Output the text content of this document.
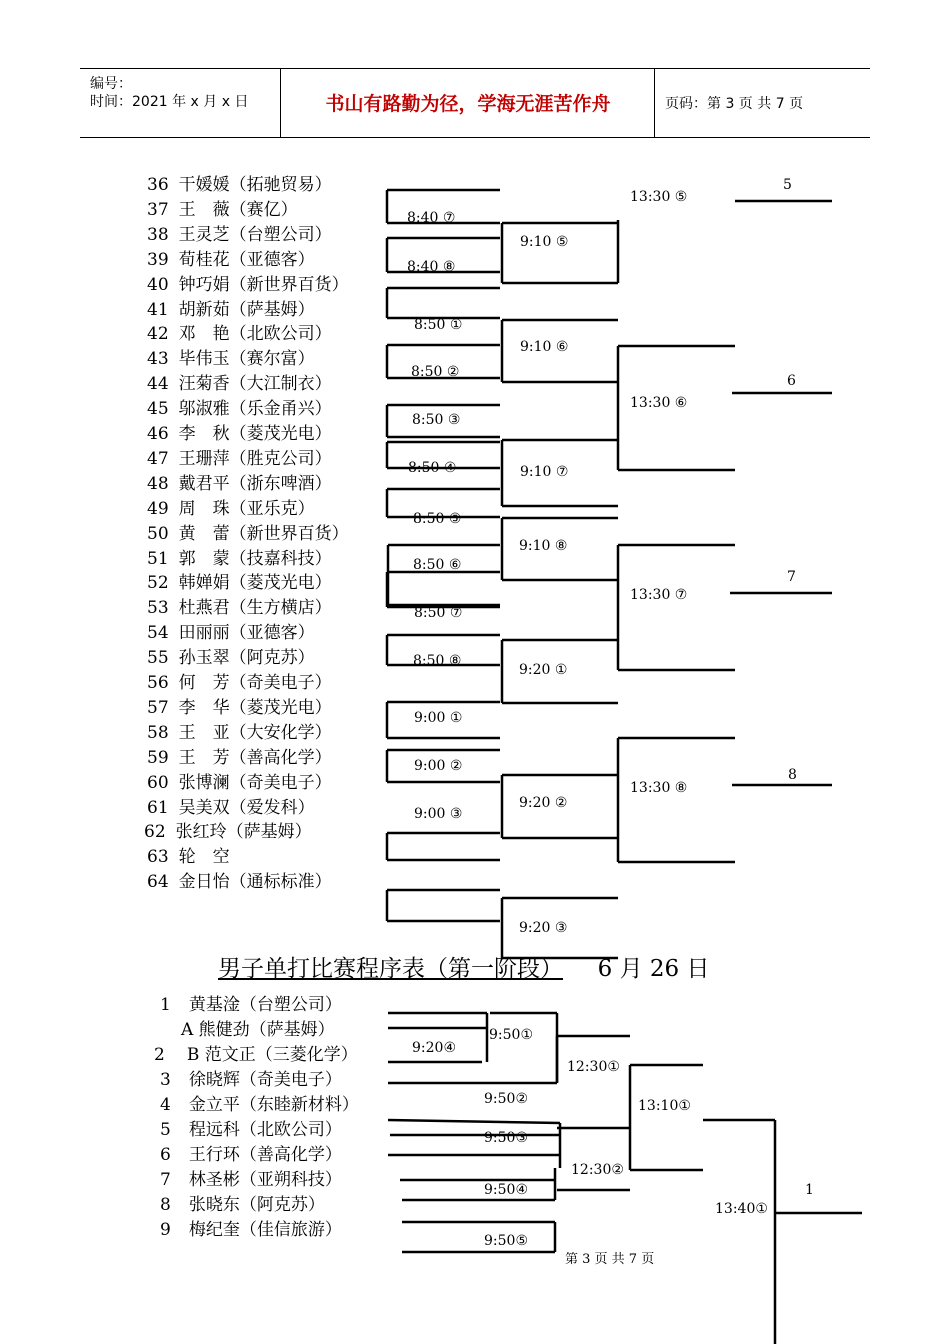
编号：
时间：2021 年 x 月 x 日	书山有路勤为径，学海无涯苦作舟	页码：第 3 页 共 7 页
36 干媛媛（拓驰贸易）
37 王　薇（赛亿）
38 王灵芝（台塑公司）
39 荀桂花（亚德客）
40 钟巧娟（新世界百货）
41 胡新茹（萨基姆）
42 邓　艳（北欧公司）
43 毕伟玉（赛尔富）
44 汪菊香（大江制衣）
45 邬淑雅（乐金甬兴）
46 李　秋（菱茂光电）
47 王珊萍（胜克公司）
48 戴君平（浙东啤酒）
49 周　珠（亚乐克）
50 黄　蕾（新世界百货）
51 郭　蒙（技嘉科技）
52 韩婵娟（菱茂光电）
53 杜燕君（生方横店）
54 田丽丽（亚德客）
55 孙玉翠（阿克苏）
56 何　芳（奇美电子）
57 李　华（菱茂光电）
58 王　亚（大安化学）
59 王　芳（善高化学）
60 张博澜（奇美电子）
61 吴美双（爱发科）
62 张红玲（萨基姆）
63 轮　空
64 金日怡（通标标准）
8:40 ⑦
8:40 ⑧
8:50 ①
8:50 ②
8:50 ③
8:50 ④
8:50 ⑤
8:50 ⑥
8:50 ⑦
8:50 ⑧
9:00 ①
9:00 ②
9:00 ③
9:10 ⑤
9:10 ⑥
9:10 ⑦
9:10 ⑧
9:20 ①
9:20 ②
9:20 ③
13:30 ⑤
13:30 ⑥
13:30 ⑦
13:30 ⑧
5
6
7
8
男子单打比赛程序表（第一阶段） 6 月 26 日
1 黄基淦（台塑公司）
A 熊健劲（萨基姆）
2 B 范文正（三菱化学）
3 徐晓辉（奇美电子）
4 金立平（东睦新材料）
5 程远科（北欧公司）
6 王行环（善高化学）
7 林圣彬（亚朔科技）
8 张晓东（阿克苏）
9 梅纪奎（佳信旅游）
9:20④
9:50①
9:50②
9:50③
9:50④
9:50⑤
12:30①
12:30②
13:10①
13:40①
1
第 3 页 共 7 页
